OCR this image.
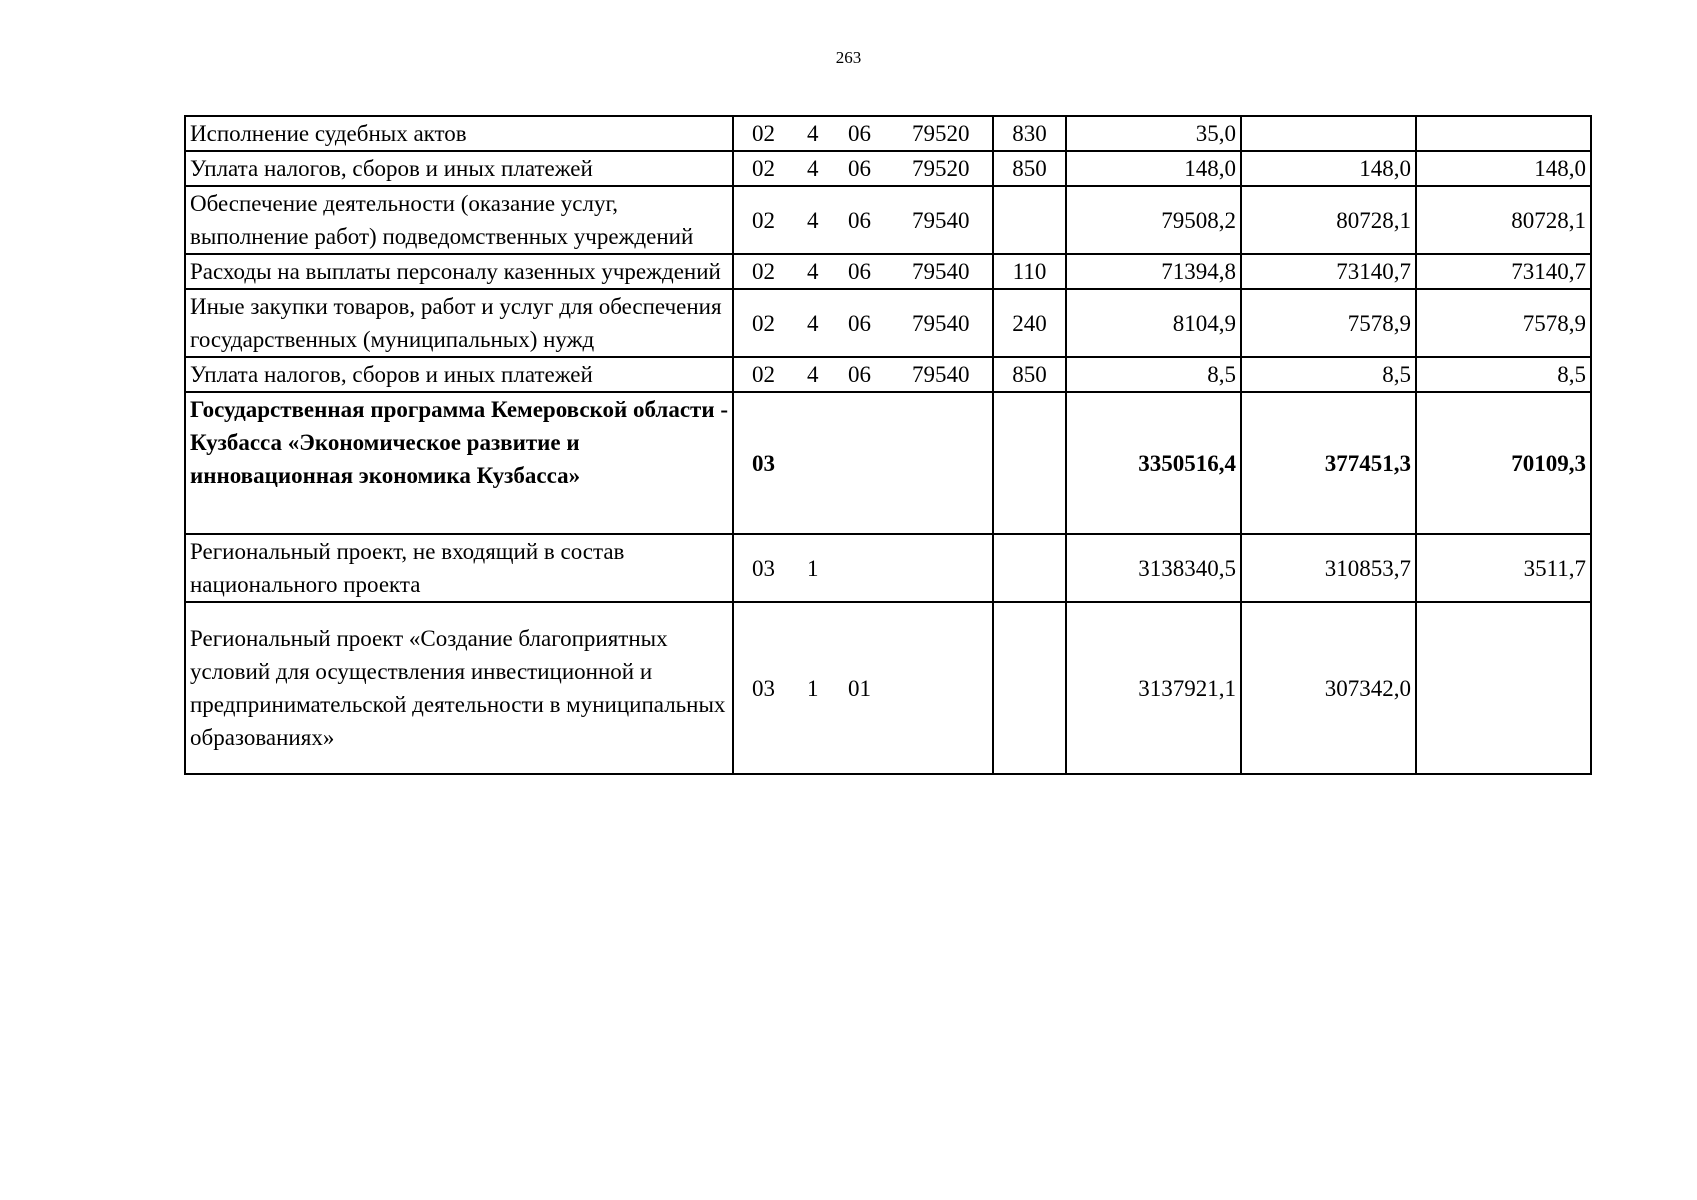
263
Исполнение судебных актов	02 4 06 79520	830	35,0		
Уплата налогов, сборов и иных платежей	02 4 06 79520	850	148,0	148,0	148,0
Обеспечение деятельности (оказание услуг, выполнение работ) подведомственных учреждений	02 4 06 79540		79508,2	80728,1	80728,1
Расходы на выплаты персоналу казенных учреждений	02 4 06 79540	110	71394,8	73140,7	73140,7
Иные закупки товаров, работ и услуг для обеспечения государственных (муниципальных) нужд	02 4 06 79540	240	8104,9	7578,9	7578,9
Уплата налогов, сборов и иных платежей	02 4 06 79540	850	8,5	8,5	8,5
Государственная программа Кемеровской области - Кузбасса «Экономическое развитие и инновационная экономика Кузбасса»	03		3350516,4	377451,3	70109,3
Региональный проект, не входящий в состав национального проекта	03 1		3138340,5	310853,7	3511,7
Региональный проект «Создание благоприятных условий для осуществления инвестиционной и предпринимательской деятельности в муниципальных образованиях»	03 1 01		3137921,1	307342,0	
